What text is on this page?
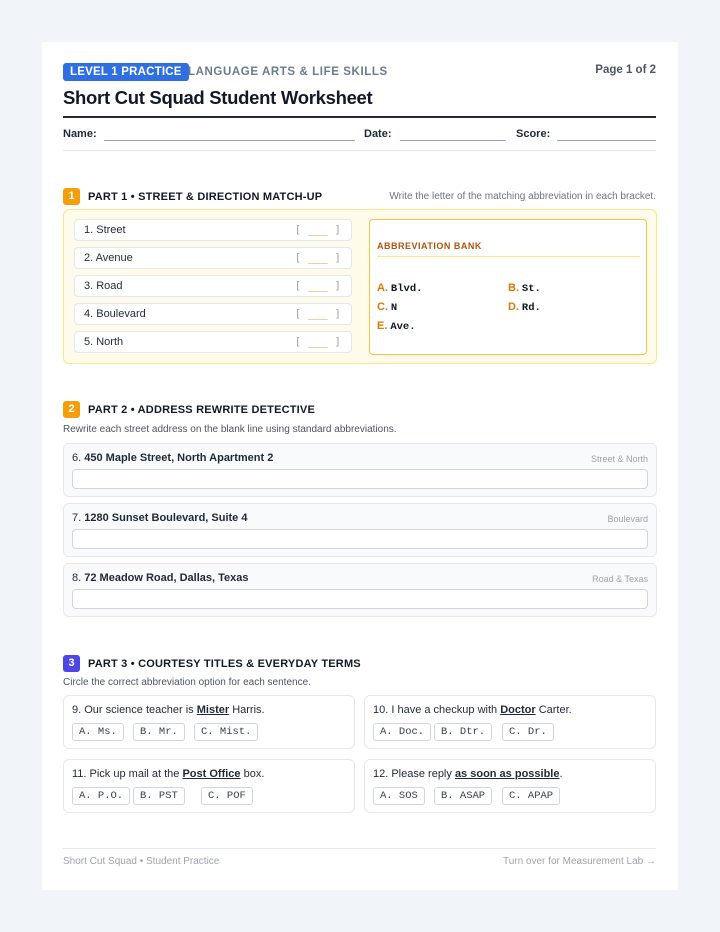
LEVEL 1 PRACTICE LANGUAGE ARTS & LIFE SKILLS	Page 1 of 2
Short Cut Squad Student Worksheet
Name:	Date:	Score:
1	PART 1 • STREET & DIRECTION MATCH-UP	Write the letter of the matching abbreviation in each bracket.
1. Street	[ ___ ]
2. Avenue	[ ___ ]
3. Road	[ ___ ]
4. Boulevard	[ ___ ]
5. North	[ ___ ]
ABBREVIATION BANK
A. Blvd.	B. St.
C. N	D. Rd.
E. Ave.
2	PART 2 • ADDRESS REWRITE DETECTIVE
Rewrite each street address on the blank line using standard abbreviations.
6. 450 Maple Street, North Apartment 2	Street & North
7. 1280 Sunset Boulevard, Suite 4	Boulevard
8. 72 Meadow Road, Dallas, Texas	Road & Texas
3	PART 3 • COURTESY TITLES & EVERYDAY TERMS
Circle the correct abbreviation option for each sentence.
9. Our science teacher is Mister Harris.
A. Ms.	B. Mr.	C. Mist.
10. I have a checkup with Doctor Carter.
A. Doc.	B. Dtr.	C. Dr.
11. Pick up mail at the Post Office box.
A. P.O.	B. PST	C. POF
12. Please reply as soon as possible.
A. SOS	B. ASAP	C. APAP
Short Cut Squad • Student Practice	Turn over for Measurement Lab →
